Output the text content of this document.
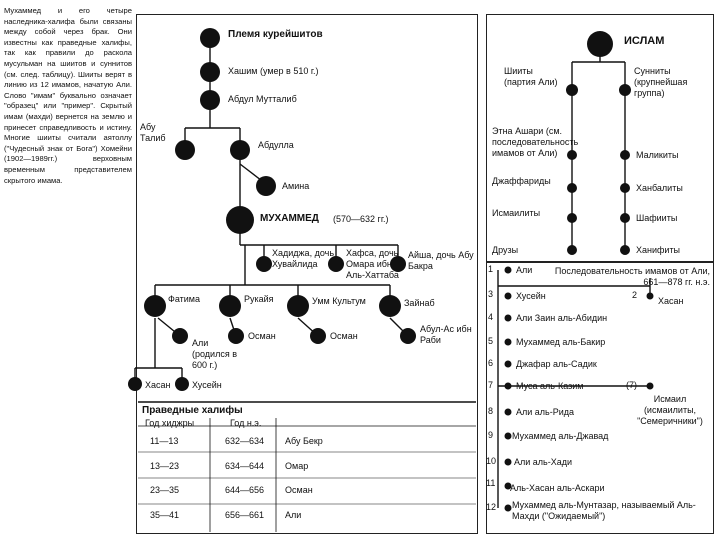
Мухаммед и его четыре наследника-халифа были связаны между собой через брак. Они известны как праведные халифы, так как правили до раскола мусульман на шиитов и суннитов (см. след. таблицу). Шииты верят в линию из 12 имамов, начатую Али. Слово "имам" буквально означает "образец" или "пример". Скрытый имам (махди) вернется на землю и принесет справедливость и истину. Многие шииты считали аятоллу ("Чудесный знак от Бога") Хомейни (1902—1989гг.) верховным временным представителем скрытого имама.

Племя курейшитов
Хашим (умер в 510 г.)
Абдул Мутталиб
Абу Талиб
Абдулла
Амина
МУХАММЕД (570—632 гг.)
Хадиджа, дочь Хувайлида
Хафса, дочь Омара ибн Аль-Хаттаба
Айша, дочь Абу Бакра
Фатима	Рукайя	Умм Культум	Зайнаб
Али (родился в 600 г.)
Осман	Осман
Абул-Ас ибн Раби
Хасан Хусейн
Праведные халифы
Год хиджры	Год н.э.
11—13	632—634 Абу Бекр
13—23	634—644 Омар
23—35	644—656 Осман
35—41	656—661 Али
ИСЛАМ
Шииты (партия Али)
Сунниты (крупнейшая группа)
Этна Ашари (см. последовательность имамов от Али)
Джаффариды
Исмаилиты
Друзы
Маликиты
Ханбалиты
Шафииты
Ханифиты
Последовательность имамов от Али, 661—878 гг. н.э.
1	Али
3	Хусейн	2
Хасан
4	Али Заин аль-Абидин
5	Мухаммед аль-Бакир
6	Джафар аль-Садик
7	Муса аль-Казим	(7)
Исмаил (исмаилиты, "Семеричники")
8	Али аль-Рида
9 Мухаммед аль-Джавад
10 Али аль-Хади
11 Аль-Хасан аль-Аскари
12 Мухаммед аль-Мунтазар, называемый Аль-Махди ("Ожидаемый")
